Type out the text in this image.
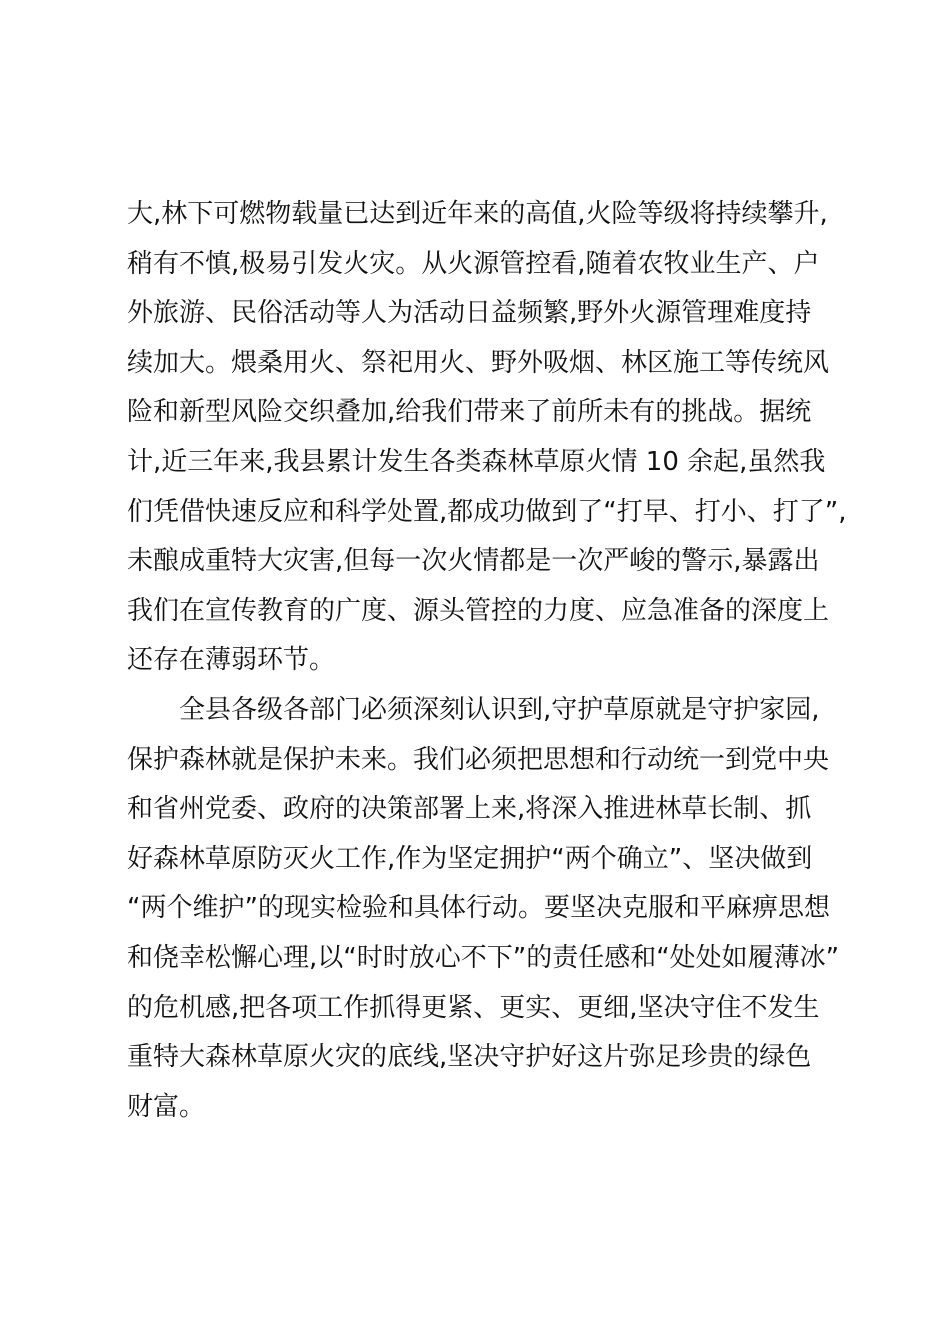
大,林下可燃物载量已达到近年来的高值,火险等级将持续攀升,
稍有不慎,极易引发火灾。从火源管控看,随着农牧业生产、户
外旅游、民俗活动等人为活动日益频繁,野外火源管理难度持
续加大。煨桑用火、祭祀用火、野外吸烟、林区施工等传统风
险和新型风险交织叠加,给我们带来了前所未有的挑战。据统
计,近三年来,我县累计发生各类森林草原火情 10 余起,虽然我
们凭借快速反应和科学处置,都成功做到了“打早、打小、打了”,
未酿成重特大灾害,但每一次火情都是一次严峻的警示,暴露出
我们在宣传教育的广度、源头管控的力度、应急准备的深度上
还存在薄弱环节。
全县各级各部门必须深刻认识到,守护草原就是守护家园,
保护森林就是保护未来。我们必须把思想和行动统一到党中央
和省州党委、政府的决策部署上来,将深入推进林草长制、抓
好森林草原防灭火工作,作为坚定拥护“两个确立”、坚决做到
“两个维护”的现实检验和具体行动。要坚决克服和平麻痹思想
和侥幸松懈心理,以“时时放心不下”的责任感和“处处如履薄冰”
的危机感,把各项工作抓得更紧、更实、更细,坚决守住不发生
重特大森林草原火灾的底线,坚决守护好这片弥足珍贵的绿色
财富。
